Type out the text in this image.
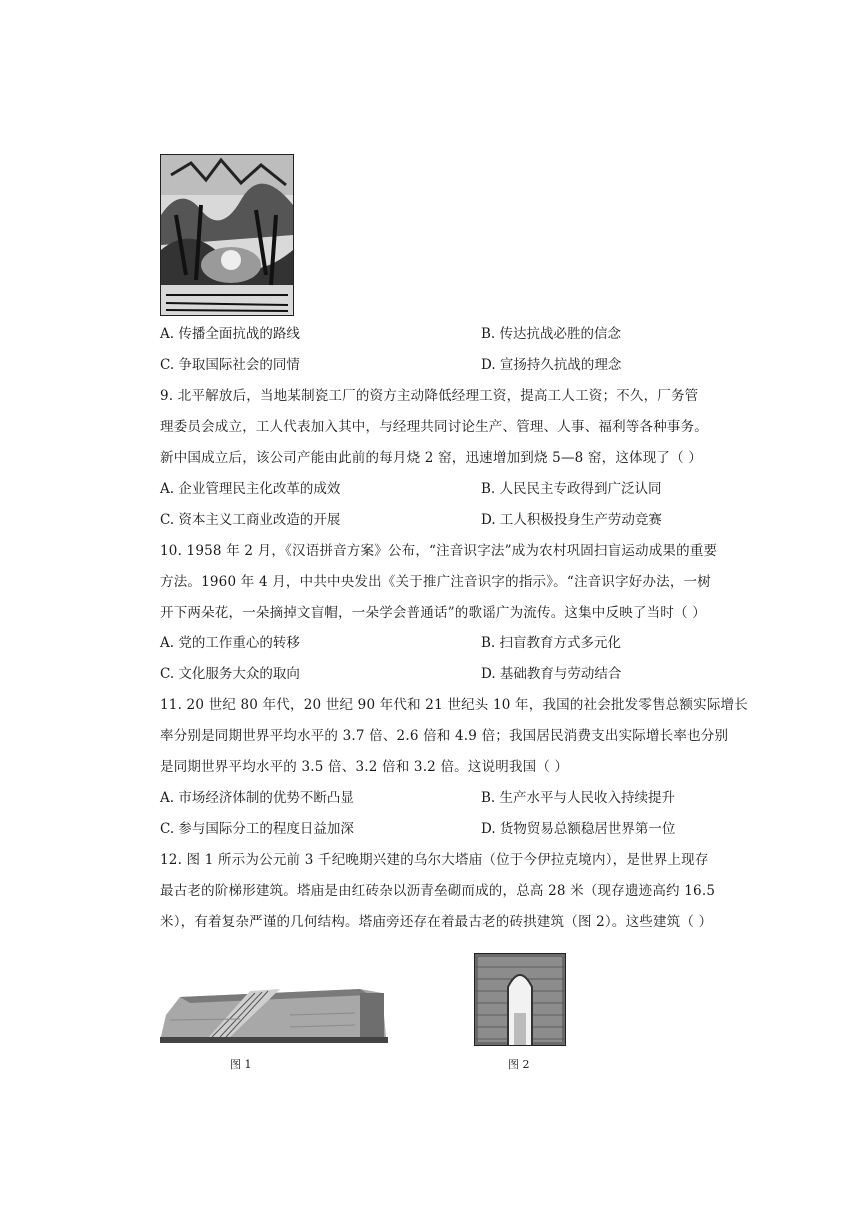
A. 传播全面抗战的路线	B. 传达抗战必胜的信念
C. 争取国际社会的同情	D. 宣扬持久抗战的理念
9. 北平解放后，当地某制瓷工厂的资方主动降低经理工资，提高工人工资；不久，厂务管
理委员会成立，工人代表加入其中，与经理共同讨论生产、管理、人事、福利等各种事务。
新中国成立后，该公司产能由此前的每月烧 2 窑，迅速增加到烧 5—8 窑，这体现了（ ）
A. 企业管理民主化改革的成效	B. 人民民主专政得到广泛认同
C. 资本主义工商业改造的开展	D. 工人积极投身生产劳动竞赛
10. 1958 年 2 月，《汉语拼音方案》公布，“注音识字法”成为农村巩固扫盲运动成果的重要
方法。1960 年 4 月，中共中央发出《关于推广注音识字的指示》。“注音识字好办法，一树
开下两朵花，一朵摘掉文盲帽，一朵学会普通话”的歌谣广为流传。这集中反映了当时（ ）
A. 党的工作重心的转移	B. 扫盲教育方式多元化
C. 文化服务大众的取向	D. 基础教育与劳动结合
11. 20 世纪 80 年代，20 世纪 90 年代和 21 世纪头 10 年，我国的社会批发零售总额实际增长
率分别是同期世界平均水平的 3.7 倍、2.6 倍和 4.9 倍；我国居民消费支出实际增长率也分别
是同期世界平均水平的 3.5 倍、3.2 倍和 3.2 倍。这说明我国（ ）
A. 市场经济体制的优势不断凸显	B. 生产水平与人民收入持续提升
C. 参与国际分工的程度日益加深	D. 货物贸易总额稳居世界第一位
12. 图 1 所示为公元前 3 千纪晚期兴建的乌尔大塔庙（位于今伊拉克境内），是世界上现存
最古老的阶梯形建筑。塔庙是由红砖杂以沥青垒砌而成的，总高 28 米（现存遗迹高约 16.5
米），有着复杂严谨的几何结构。塔庙旁还存在着最古老的砖拱建筑（图 2）。这些建筑（ ）
图 1	图 2
